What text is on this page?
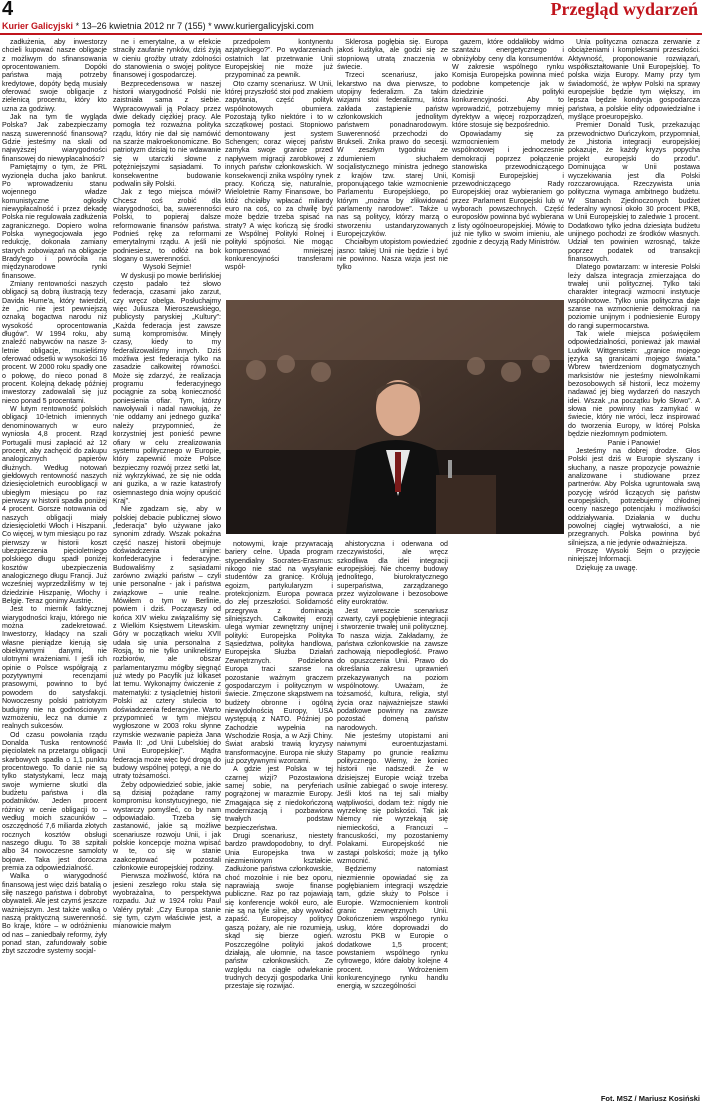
4	Przegląd wydarzeń
Kurier Galicyjski * 13–26 kwietnia 2012 nr 7 (155) * www.kuriergalicyjski.com

zadłużenia, aby inwestorzy chcieli kupować nasze obligacje z możliwym do sfinansowania oprocentowaniem. Dopóki państwa mają potrzeby kredytowe, dopóty będą musiały oferować swoje obligacje z zielenicą procentu, który kto uzna za godziwy.

Jak na tym tle wygląda Polska? Jak zabezpieczamy naszą suwerenność finansową? Gdzie jesteśmy na skali od najwyższej wiarygodności finansowej do niewypłacalności?

Pamiętajmy o tym, że PRL wyzionęła ducha jako bankrut. Po wprowadzeniu stanu wojennego władze komunistyczne ogłosiły niewypłacalność i przez dekadę Polska nie regulowała zadłużenia zagranicznego. Dopiero wolna Polska wynegocjowała jego redukcję, dokonała zamiany starych zobowiązań na obligacje Brady'ego i powróciła na międzynarodowe rynki finansowe.

Zmiany rentowności naszych obligacji są dobrą ilustracją tezy Davida Hume'a, który twierdził, że „nic nie jest pewniejszą oznaką bogactwa narodu niż wysokość oprocentowania długów”. W 1994 roku, aby znaleźć nabywców na nasze 3-letnie obligacje, musieliśmy oferować odsetki w wysokości 16 procent. W 2000 roku spadły one o połowę, do nieco ponad 8 procent. Kolejną dekadę później inwestorzy zadowalali się już nieco ponad 5 procentami.

W lutym rentowność polskich obligacji 10-letnich imiennych denominowanych w euro wyniosła 4,8 procent. Rząd Portugalii musi zapłacić aż 12 procent, aby zachęcić do zakupu analogicznych papierów dłużnych. Według notowań giełdowych rentowność naszych dziesięcioletnich euroobligacji w ubiegłym miesiącu po raz pierwszy w historii spadła poniżej 4 procent. Gorsze notowania od naszych obligacji miały dziesięcioletki Włoch i Hiszpanii. Co więcej, w tym miesiącu po raz pierwszy w historii koszt ubezpieczenia pięcioletniego polskiego długu spadł poniżej kosztów ubezpieczenia analogicznego długu Francji. Już wcześniej wyprzedziliśmy w tej dziedzinie Hiszpanię, Włochy i Belgię. Teraz gonimy Austrię.

Jest to miernik faktycznej wiarygodności kraju, którego nie można zadekretować. Inwestorzy, kładący na szali własne pieniądze kierują się obiektywnymi danymi, nie ulotnymi wrażeniami. I jeśli ich opinie o Polsce współgrają z pozytywnymi recenzjami prasowymi, powinno to być powodem do satysfakcji. Nowoczesny polski patriotyzm budujmy nie na godnościowym wzmożeniu, lecz na dumie z realnych sukcesów.

Od czasu powołania rządu Donalda Tuska rentowność pięciolatek na przetargu obligacji skarbowych spadła o 1,1 punktu procentowego. To danie nie są tylko statystykami, lecz mają swoje wymierne skutki dla budżetu państwa i dla podatników. Jeden procent różnicy w cenie obligacji to – według moich szacunków – oszczędność 7,6 miliarda złotych rocznych kosztów obsługi naszego długu. To 38 szpitali albo 34 nowoczesne samoloty bojowe. Taka jest doroczna premia za odpowiedzialność.

Walka o wiarygodność finansową jest więc dziś batalią o siłę naszego państwa i dobrobyt obywateli. Ale jest czymś jeszcze ważniejszym. Jest także walką o naszą praktyczną suwerenność. Bo kraje, które – w odróżnieniu od nas – zaniedbały reformy, żyły ponad stan, zafundowały sobie zbyt szczodre systemy socjal-

ne i emerytalne, a w efekcie straciły zaufanie rynków, dziś żyją w cieniu groźby utraty zdolności do stanowienia o swojej polityce finansowej i gospodarczej.

Bezprecedensowa w naszej historii wiarygodność Polski nie zaistniała sama z siebie. Wypracowywali ją Polacy przez dwie dekady ciężkiej pracy. Ale pomogła też rozważna polityka rządu, który nie dał się namówić na szarże makroekonomiczne. Bo patriotyzm dzisiaj to nie wdawanie się w utarczki słowne z potężniejszymi sąsiadami. To konsekwentne budowanie podwalin siły Polski.

Jak z tego miejsca mówił? Chcesz coś zrobić dla wiarygodności, ba, suwerenności Polski, to popieraj dalsze reformowanie finansów państwa. Podnieś rękę za reformami emerytalnymi rządu. A jeśli nie podniesiesz, to odłóż na bok slogany o suwerenności.

Wysoki Sejmie!

W dyskusji po mowie berlińskiej często padało też słowo federacja, czasami jako zarzut, czy wręcz obelga. Posłuchajmy więc Juliusza Mieroszewskiego, publicysty paryskiej „Kultury”: „Każda federacja jest zawsze sumą kompromisów. Minęły czasy, kiedy to my federalizowaliśmy innych. Dziś możliwa jest federacja tylko na zasadzie całkowitej równości. Może się zdarzyć, że realizacja programu federacyjnego pociągnie za sobą konieczność poniesienia ofiar. Tym, którzy nawoływali i nadal nawołują, że ‘nie oddamy ani jednego guzika’ należy przypomnieć, że korzystniej jest ponieść pewne ofiary w celu zrealizowania systemu politycznego w Europie, który zapewnić może Polsce bezpieczny rozwój przez setki lat, niż wykrzykiwać, że się nie odda ani guzika, a w razie katastrofy osiemnastego dnia wojny opuścić Kraj”.

Nie zgadzam się, aby w polskiej debacie publicznej słowo „federacja” było używane jako synonim zdrady. Wszak pokaźna część naszej historii obejmuje doświadczenia unijne: konfederacyjne i federacyjne. Budowaliśmy z sąsiadami zarówno związki państw – czyli unie personalne - jak i państwa związkowe – unie realne. Mówiłem o tym w Berlinie, powiem i dziś. Począwszy od końca XIV wieku związaliśmy się z Wielkim Księstwem Litewskim. Góry w początkach wieku XVII udała się unia personalna z Rosją, to nie tylko unikneliśmy rozbiorów, ale obszar parlamentaryzmu mógłby sięgnąć już wtedy po Pacyfik już kilkaset lat temu. Wykonajmy ćwiczenie z matematyki: z tysiącletniej historii Polski aż cztery stulecia to doświadczenia federacyjne. Warto przypomnieć w tym miejscu wygłoszone w 2003 roku słynne rzymskie wezwanie papieża Jana Pawła II: „od Unii Lubelskiej do Unii Europejskiej”. Mądra federacja może więc być drogą do budowy wspólnej potęgi, a nie do utraty tożsamości.

Żeby odpowiedzieć sobie, jakie są dzisiaj pożądane ramy kompromisu konstytucyjnego, nie wystarczy pomyśleć, co by nam odpowiadało. Trzeba się zastanowić, jakie są możliwe scenariusze rozwoju Unii, i jak polskie koncepcje można wpisać w te, co się w stanie zaakceptować pozostali członkowie europejskiej rodziny.

Pierwsza możliwość, która na jesieni zeszłego roku stała się wyobrażalna, to perspektywa rozpadu. Już w 1924 roku Paul Valéry pytał: „Czy Europa stanie się tym, czym właściwie jest, a mianowicie małym

przedpolem kontynentu azjatyckiego?”. Po wydarzeniach ostatnich lat przetrwanie Unii Europejskiej nie może już przypominać za pewnik.

Oto czarny scenariusz. W Unii, której przyszłość stoi pod znakiem zapytania, część polityk wspólnotowych obumiera. Pozostają tylko niektóre i to w szczątkowej postaci. Stopniowo demontowany jest system Schengen; coraz więcej państw zamyka swoje granice przed napływem migracji zarobkowej z innych państw członkowskich. W konsekwencji znika wspólny rynek pracy. Kończą się, naturalnie, Wieloletnie Ramy Finansowe, bo któż chciałby wpłacać miliardy euro na coś, co za chwilę być może będzie trzeba spisać na straty? A więc kończą się środki ze Wspólnej Polityki Rolnej i polityki spójności. Nie mogąc kompensować mniejszej konkurencyjności transferami wspól-

Sklerosa pogłębia się. Europa jakoś kuśtyka, ale godzi się ze stopniową utratą znaczenia w świecie.

Trzeci scenariusz, jako lekarstwo na dwa pierwsze, to utopijny federalizm. Za takim wizjami stoi federalizmu, która zakłada zastąpienie państw członkowskich jednolitym państwem ponadnarodowym. Suwerenność przechodzi do Brukseli. Znika prawo do secesji. W zeszłym tygodniu ze zdumieniem słuchałem socjalistycznego ministra jednego z krajów tzw. starej Unii, proponującego takie wzmocnienie Parlamentu Europejskiego, po którym „można by zlikwidować parlamenty narodowe”. Także u nas są politycy, którzy marzą o stworzeniu ustandaryzowanych Europejczyków.

Chciałbym utopistom powiedzieć jasno: takiej Unii nie będzie i być nie powinno. Nasza wizja jest nie tylko

gazem, które oddaliłoby widmo szantażu energetycznego i obniżyłoby ceny dla konsumentów. W zakresie wspólnego rynku Komisja Europejska powinna mieć podobne kompetencje jak w dziedzinie polityki konkurencyjności. Aby to wprowadzić, potrzebujemy mniej dyrektyw a więcej rozporządzeń, które stosuje się bezpośrednio.

Opowiadamy się za wzmocnieniem metody wspólnotowej i jednoczesnie demokracji poprzez połączenie stanowiska przewodniczącego Komisji Europejskiej i przewodniczącego Rady Europejskiej oraz wybieraniem go przez Parlament Europejski lub w wyborach powszechnych. Część europosłów powinna być wybierana z listy ogólnoeuropejskiej. Mówię to już nie tylko w swoim imieniu, ale zgodnie z decyzją Rady Ministrów.

Unia polityczna oznacza zerwanie z obciążeniami i kompleksami przeszłości. Aktywność, proponowanie rozwiązań, współkształtowanie Unii Europejskiej. To polska wizja Europy. Mamy przy tym świadomość, że wpływ Polski na sprawy europejskie będzie tym większy, im lepsza będzie kondycja gospodarcza państwa, a polskie elity odpowiedzialne i myślące proeuropejsko.

Premier Donald Tusk, przekazując przewodnictwo Duńczykom, przypomniał, że „historia integracji europejskiej pokazuje, że każdy kryzys popycha projekt europejski do przodu”. Dominująca w Unii postawa wyczekiwania jest dla Polski rozczarowująca. Rzeczywista unia polityczna wymaga ambitnego budżetu. W Stanach Zjednoczonych budżet federalny wynosi około 30 procent PKB, w Unii Europejskiej to zaledwie 1 procent. Dodatkowo tylko jedna dziesiąta budżetu unijnego pochodzi ze środków własnych. Udział ten powinien wzrosnąć, także poprzez podatek od transakcji finansowych.

Dlatego powtarzam: w interesie Polski leży dalsza integracja zmierzająca do trwałej unii politycznej. Tylko taki charakter integracji wzmocni instytucje wspólnotowe. Tylko unia polityczna daje szanse na wzmocnienie demokracji na poziomie unijnym i podniesienie Europy do rangi supermocarstwa.

Tak wiele miejsca poświęciłem odpowiedzialności, ponieważ jak mawiał Ludwik Wittgenstein: „granice mojego języka są granicami mojego świata.” Wbrew twierdzeniom dogmatycznych marksistów nie jesteśmy niewolnikami bezosobowych sił historii, lecz możemy nadawać jej bieg wydarzeń do naszych idei. Wszak „na początku było Słowo”. A słowa nie powinny nas zamykać w świecie, który nie wróci, lecz inspirować do tworzenia Europy, w której Polska będzie niezłomnym podmiotem.

Panie i Panowie!

Jesteśmy na dobrej drodze. Głos Polski jest dziś w Europie słyszany i słuchany, a nasze propozycje poważnie analizowane i studiowane przez partnerów. Aby Polska ugruntowała swą pozycję wśród liczących się państw europejskich, potrzebujemy chłodnej oceny naszego potencjału i możliwości oddziaływania. Działania w duchu powolnej ciągłej wytrwałości, a nie przegranych. Polska powinna być silniejsza, a nie jedynie odważniejsza.

Proszę Wysoki Sejm o przyjęcie niniejszej Informacji.

Dziękuję za uwagę.

notowymi, kraje przywracają bariery celne. Upada program stypendialny Socrates-Erasmus: nikogo nie stać na wysyłanie studentów za granicę. Królują egoizm, partykularyzm i protekcjonizm. Europa powraca do złej przeszłości. Solidarność przegrywa z dominacją silniejszych. Całkowitej erozji ulega wymiar zewnętrzny unijnej polityki: Europejska Polityka Sąsiedztwa, polityka handlowa, Europejska Służba Działań Zewnętrznych. Podzielona Europa traci szanse na pozostanie ważnym graczem gospodarczym i politycznym w świecie. Zmęczone skąpstwem na budżety obronne i ogólną niewydolnością Europy, USA występują z NATO. Później po Zachodzie wypełnia na Wschodzie Rosja, a w Azji Chiny. Świat arabski trawią kryzysy transformacyjne. Europa nie służy już pozytywnymi wzorcami.

A gdzie jest Polska w tej czarnej wizji? Pozostawiona samej sobie, na peryferiach pogrążonej w marazmie Europy. Zmagająca się z niedokończoną modernizacją i pozbawiona trwałych podstaw bezpieczeństwa.

Drugi scenariusz, niestety bardzo prawdopodobny, to dryf. Unia Europejska trwa w niezmienionym kształcie. Zadłużone państwa członkowskie, choć mozolnie i nie bez oporu, naprawiają swoje finanse publiczne. Raz po raz pojawiają się konferencje wokół euro, ale nie są na tyle silne, aby wywołać zapaść. Europejscy politycy gaszą pożary, ale nie rozumieją, skąd się bierze ogień. Poszczególne polityki jakoś działają, ale ułomnie, na tasce państw członkowskich. Ze względu na ciągłe odwlekanie trudnych decyzji gospodarka Unii przestaje się rozwijać.

ahistoryczna i oderwana od rzeczywistości, ale wręcz szkodliwa dla idei integracji europejskiej. Nie chcemy budowy jednolitego, biurokratycznego superpaństwa, zarządzanego przez wyizolowane i bezosobowe elity eurokratów.

Jest wreszcie scenariusz czwarty, czyli pogłębienie integracji i stworzenie trwałej unii politycznej. To nasza wizja. Zakładamy, że państwa członkowskie na zawsze zachowają niepodległość. Prawo do opuszczenia Unii. Prawo do określania zakresu uprawnień przekazywanych na poziom wspólnotowy. Uważam, że tożsamość, kultura, religia, styl życia oraz najważniejsze stawki podatkowe powinny na zawsze pozostać domeną państw narodowych.

Nie jesteśmy utopistami ani naiwnymi euroentuzjastami. Stapamy po gruncie realizmu politycznego. Wiemy, że koniec historii nie nadszedł. Że w dzisiejszej Europie wciąż trzeba usilnie zabiegać o swoje interesy. Jeśli ktoś na tej sali miałby wątpliwości, dodam też: nigdy nie wyrzeknę się polskości. Tak jak Niemcy nie wyrzekają się niemieckości, a Francuzi – francuskości, my pozostaniemy Polakami. Europejskość nie zastąpi polskości; może ją tylko wzmocnić.

Będziemy natomiast niezmiennie opowiadać się za pogłębianiem integracji wszędzie tam, gdzie służy to Polsce i Europie. Wzmocnieniem kontroli granic zewnętrznych Unii. Dokończeniem wspólnego rynku usług, które doprowadzi do wzrostu PKB w Europie o dodatkowe 1,5 procent; powstaniem wspólnego rynku cyfrowego, które dałoby kolejne 4 procent. Wdrożeniem konkurencyjnego rynku handlu energią, w szczególności

Fot. MSZ / Mariusz Kosiński
